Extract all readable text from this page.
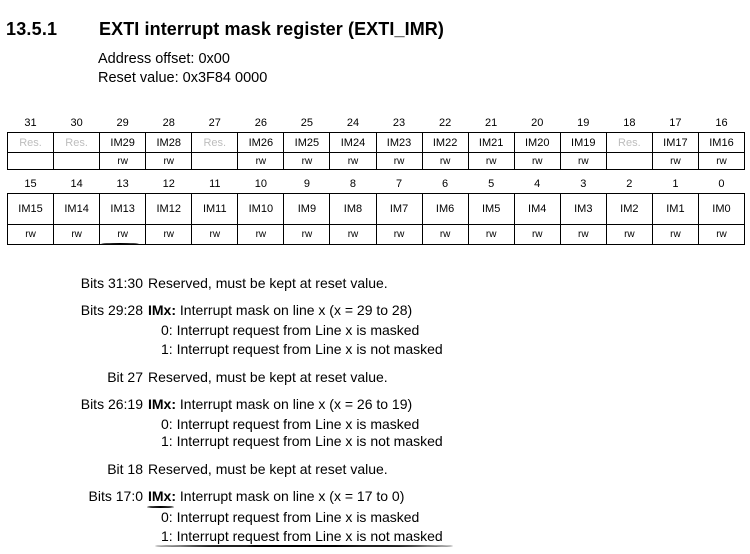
13.5.1 EXTI interrupt mask register (EXTI_IMR)
Address offset: 0x00
Reset value: 0x3F84 0000
31	30	29	28	27	26	25	24	23	22	21	20	19	18	17	16
Res.	Res.	IM29	IM28	Res.	IM26	IM25	IM24	IM23	IM22	IM21	IM20	IM19	Res.	IM17	IM16
		rw	rw		rw	rw	rw	rw	rw	rw	rw	rw		rw	rw
15	14	13	12	11	10	9	8	7	6	5	4	3	2	1	0
IM15	IM14	IM13	IM12	IM11	IM10	IM9	IM8	IM7	IM6	IM5	IM4	IM3	IM2	IM1	IM0
rw	rw	rw	rw	rw	rw	rw	rw	rw	rw	rw	rw	rw	rw	rw	rw
Bits 31:30 Reserved, must be kept at reset value.
Bits 29:28 IMx: Interrupt mask on line x (x = 29 to 28)
0: Interrupt request from Line x is masked
1: Interrupt request from Line x is not masked
Bit 27 Reserved, must be kept at reset value.
Bits 26:19 IMx: Interrupt mask on line x (x = 26 to 19)
0: Interrupt request from Line x is masked
1: Interrupt request from Line x is not masked
Bit 18 Reserved, must be kept at reset value.
Bits 17:0 IMx: Interrupt mask on line x (x = 17 to 0)
0: Interrupt request from Line x is masked
1: Interrupt request from Line x is not masked
